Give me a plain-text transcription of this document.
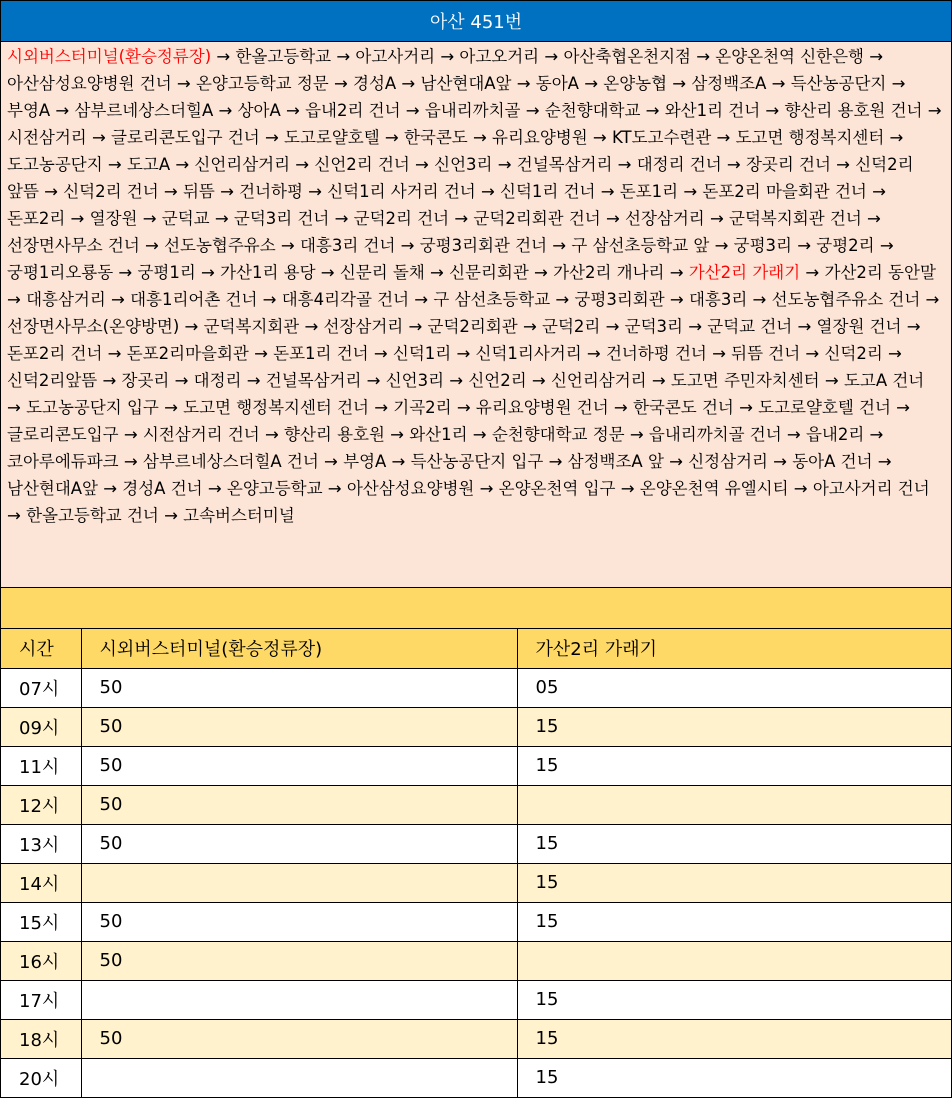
아산 451번
시외버스터미널(환승정류장) → 한올고등학교 → 아고사거리 → 아고오거리 → 아산축협온천지점 → 온양온천역 신한은행 → 아산삼성요양병원 건너 → 온양고등학교 정문 → 경성A → 남산현대A앞 → 동아A → 온양농협 → 삼정백조A → 득산농공단지 → 부영A → 삼부르네상스더힐A → 상아A → 읍내2리 건너 → 읍내리까치골 → 순천향대학교 → 와산1리 건너 → 향산리 용호원 건너 → 시전삼거리 → 글로리콘도입구 건너 → 도고로얄호텔 → 한국콘도 → 유리요양병원 → KT도고수련관 → 도고면 행정복지센터 → 도고농공단지 → 도고A → 신언리삼거리 → 신언2리 건너 → 신언3리 → 건널목삼거리 → 대정리 건너 → 장곳리 건너 → 신덕2리 앞뜸 → 신덕2리 건너 → 뒤뜸 → 건너하평 → 신덕1리 사거리 건너 → 신덕1리 건너 → 돈포1리 → 돈포2리 마을회관 건너 → 돈포2리 → 열장원 → 군덕교 → 군덕3리 건너 → 군덕2리 건너 → 군덕2리회관 건너 → 선장삼거리 → 군덕복지회관 건너 → 선장면사무소 건너 → 선도농협주유소 → 대흥3리 건너 → 궁평3리회관 건너 → 구 삼선초등학교 앞 → 궁평3리 → 궁평2리 → 궁평1리오룡동 → 궁평1리 → 가산1리 용당 → 신문리 돌채 → 신문리회관 → 가산2리 개나리 → 가산2리 가래기 → 가산2리 동안말 → 대흥삼거리 → 대흥1리어촌 건너 → 대흥4리각골 건너 → 구 삼선초등학교 → 궁평3리회관 → 대흥3리 → 선도농협주유소 건너 → 선장면사무소(온양방면) → 군덕복지회관 → 선장삼거리 → 군덕2리회관 → 군덕2리 → 군덕3리 → 군덕교 건너 → 열장원 건너 → 돈포2리 건너 → 돈포2리마을회관 → 돈포1리 건너 → 신덕1리 → 신덕1리사거리 → 건너하평 건너 → 뒤뜸 건너 → 신덕2리 → 신덕2리앞뜸 → 장곳리 → 대정리 → 건널목삼거리 → 신언3리 → 신언2리 → 신언리삼거리 → 도고면 주민자치센터 → 도고A 건너 → 도고농공단지 입구 → 도고면 행정복지센터 건너 → 기곡2리 → 유리요양병원 건너 → 한국콘도 건너 → 도고로얄호텔 건너 → 글로리콘도입구 → 시전삼거리 건너 → 향산리 용호원 → 와산1리 → 순천향대학교 정문 → 읍내리까치골 건너 → 읍내2리 → 코아루에듀파크 → 삼부르네상스더힐A 건너 → 부영A → 득산농공단지 입구 → 삼정백조A 앞 → 신정삼거리 → 동아A 건너 → 남산현대A앞 → 경성A 건너 → 온양고등학교 → 아산삼성요양병원 → 온양온천역 입구 → 온양온천역 유엘시티 → 아고사거리 건너 → 한올고등학교 건너 → 고속버스터미널
시간	시외버스터미널(환승정류장)	가산2리 가래기
07시	50	05
09시	50	15
11시	50	15
12시	50	
13시	50	15
14시		15
15시	50	15
16시	50	
17시		15
18시	50	15
20시		15
